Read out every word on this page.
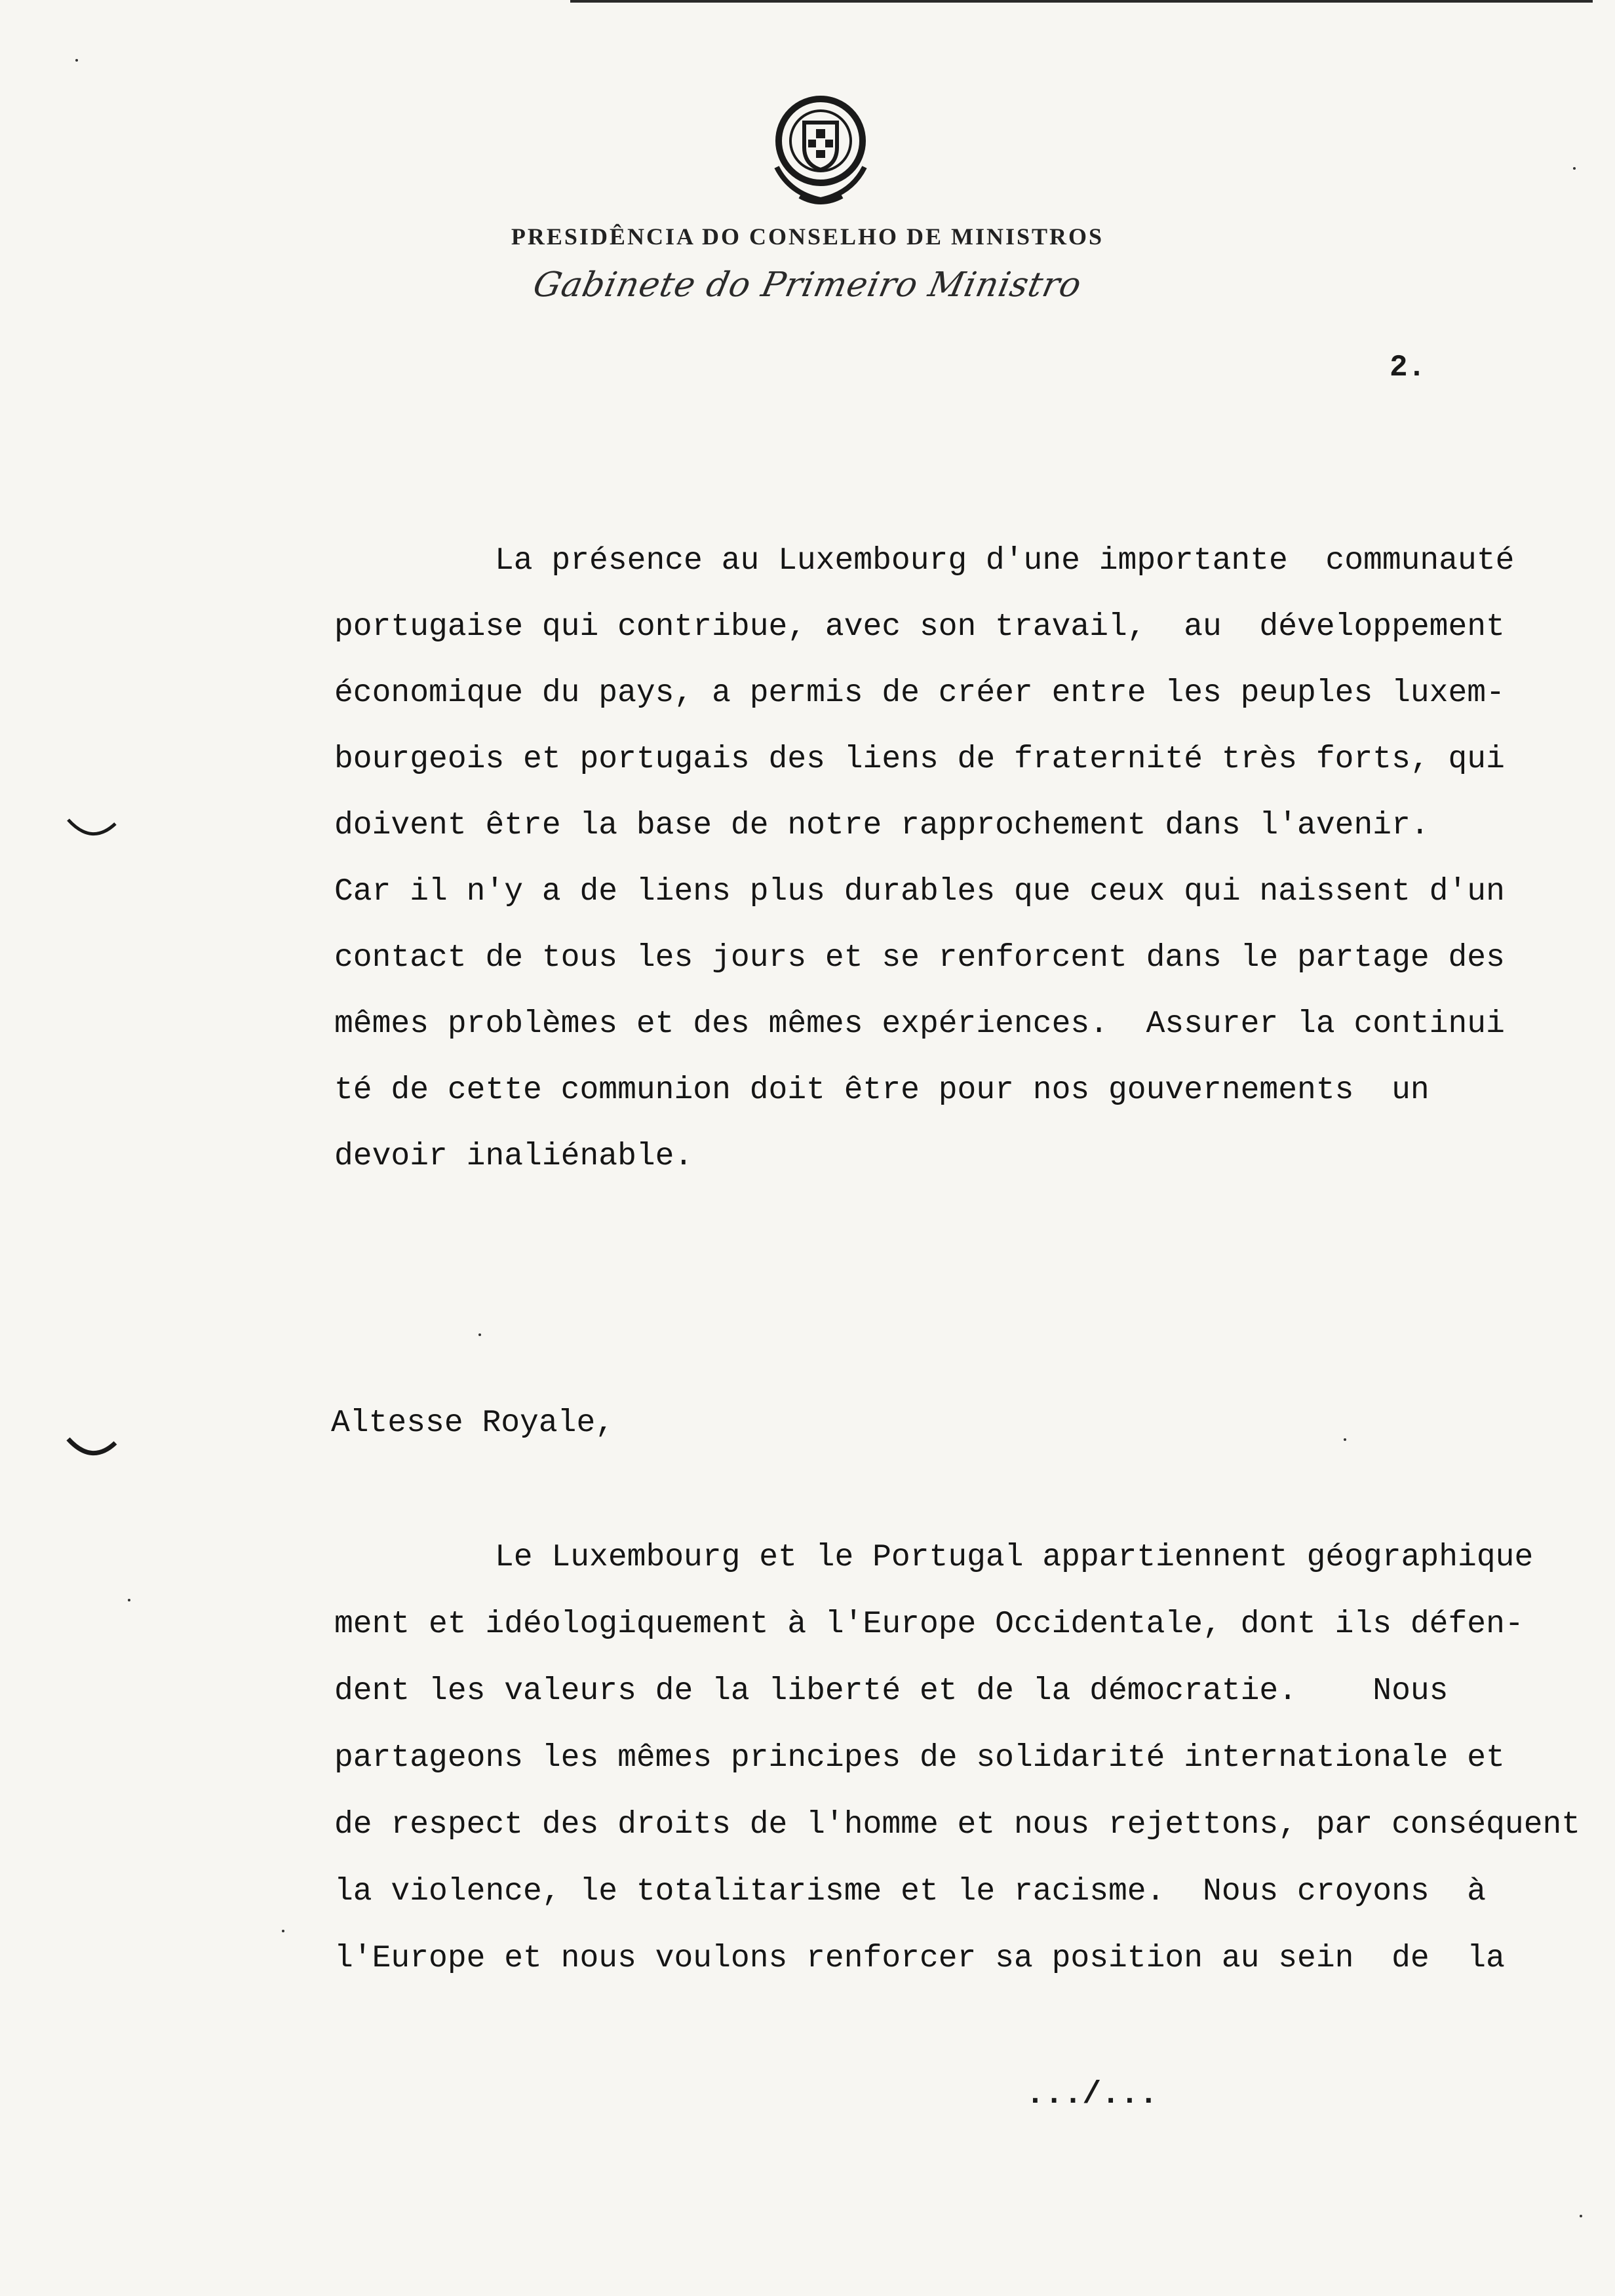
PRESIDÊNCIA DO CONSELHO DE MINISTROS
Gabinete do Primeiro Ministro
2.
La présence au Luxembourg d'une importante  communauté
portugaise qui contribue, avec son travail,  au  développement
économique du pays, a permis de créer entre les peuples luxem-
bourgeois et portugais des liens de fraternité très forts, qui
doivent être la base de notre rapprochement dans l'avenir.
Car il n'y a de liens plus durables que ceux qui naissent d'un
contact de tous les jours et se renforcent dans le partage des
mêmes problèmes et des mêmes expériences.  Assurer la continui
té de cette communion doit être pour nos gouvernements  un
devoir inaliénable.
Altesse Royale,
Le Luxembourg et le Portugal appartiennent géographique
ment et idéologiquement à l'Europe Occidentale, dont ils défen-
dent les valeurs de la liberté et de la démocratie.    Nous
partageons les mêmes principes de solidarité internationale et
de respect des droits de l'homme et nous rejettons, par conséquent
la violence, le totalitarisme et le racisme.  Nous croyons  à
l'Europe et nous voulons renforcer sa position au sein  de  la
.../...
